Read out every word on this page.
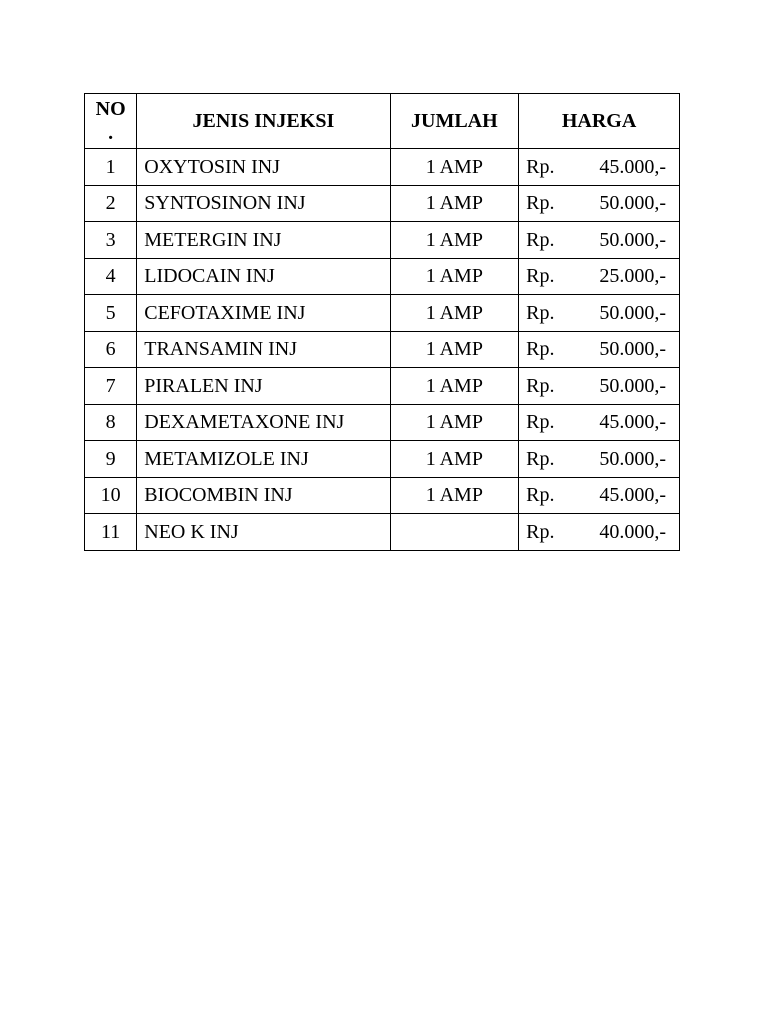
NO
.	JENIS INJEKSI	JUMLAH	HARGA
1	OXYTOSIN INJ	1 AMP	Rp. 45.000,-

2	SYNTOSINON INJ	1 AMP	Rp. 50.000,-

3	METERGIN INJ	1 AMP	Rp. 50.000,-

4	LIDOCAIN INJ	1 AMP	Rp. 25.000,-

5	CEFOTAXIME INJ	1 AMP	Rp. 50.000,-

6	TRANSAMIN INJ	1 AMP	Rp. 50.000,-

7	PIRALEN INJ	1 AMP	Rp. 50.000,-

8	DEXAMETAXONE INJ	1 AMP	Rp. 45.000,-

9	METAMIZOLE INJ	1 AMP	Rp. 50.000,-

10	BIOCOMBIN INJ	1 AMP	Rp. 45.000,-

11	NEO K INJ		Rp. 40.000,-
